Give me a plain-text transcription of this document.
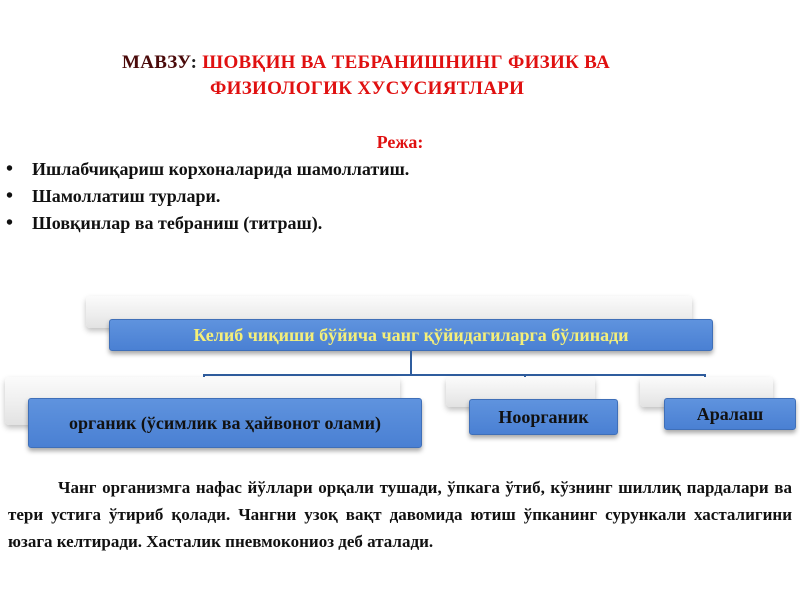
МАВЗУ: ШОВҚИН ВА ТЕБРАНИШНИНГ ФИЗИК ВА
ФИЗИОЛОГИК ХУСУСИЯТЛАРИ
Режа:
• Ишлабчиқариш корхоналарида шамоллатиш.
• Шамоллатиш турлари.
• Шовқинлар ва тебраниш (титраш).
Келиб чиқиши бўйича чанг қўйидагиларга бўлинади
органик (ўсимлик ва ҳайвонот олами)	Ноорганик	Аралаш
Чанг организмга нафас йўллари орқали тушади, ўпкага ўтиб, кўзнинг шиллиқ пардалари ва тери устига ўтириб қолади. Чангни узоқ вақт давомида ютиш ўпканинг сурункали хасталигини юзага келтиради. Хасталик пневмокониоз деб аталади.
